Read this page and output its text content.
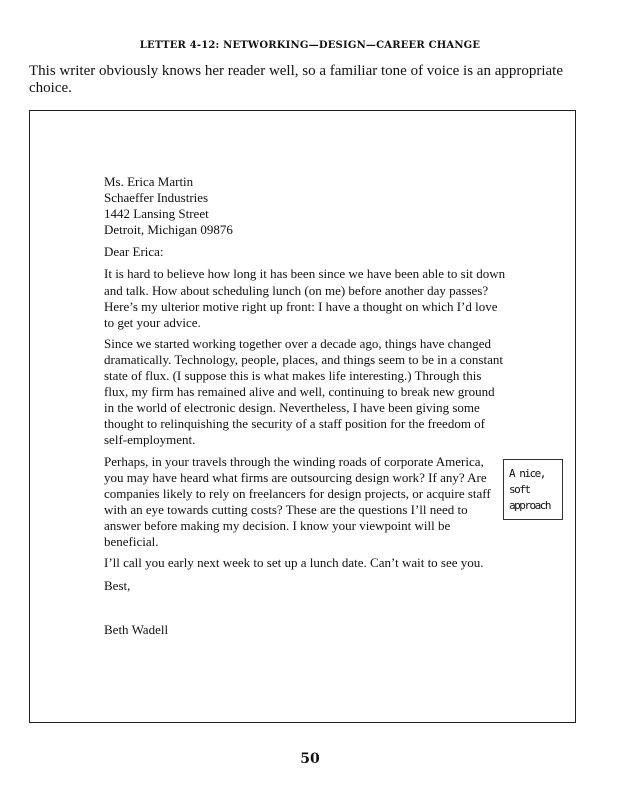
LETTER 4-12: NETWORKING—DESIGN—CAREER CHANGE
This writer obviously knows her reader well, so a familiar tone of voice is an appropriate choice.
Ms. Erica Martin
Schaeffer Industries
1442 Lansing Street
Detroit, Michigan 09876
Dear Erica:

It is hard to believe how long it has been since we have been able to sit down and talk. How about scheduling lunch (on me) before another day passes? Here’s my ulterior motive right up front: I have a thought on which I’d love to get your advice.

Since we started working together over a decade ago, things have changed dramatically. Technology, people, places, and things seem to be in a constant state of flux. (I suppose this is what makes life interesting.) Through this flux, my firm has remained alive and well, continuing to break new ground in the world of electronic design. Nevertheless, I have been giving some thought to relinquishing the security of a staff position for the freedom of self-employment.

Perhaps, in your travels through the winding roads of corporate America, you may have heard what firms are outsourcing design work? If any? Are companies likely to rely on freelancers for design projects, or acquire staff with an eye towards cutting costs? These are the questions I’ll need to answer before making my decision. I know your viewpoint will be beneficial.

I’ll call you early next week to set up a lunch date. Can’t wait to see you.

Best,
Beth Wadell
A nice,
soft
approach
50
